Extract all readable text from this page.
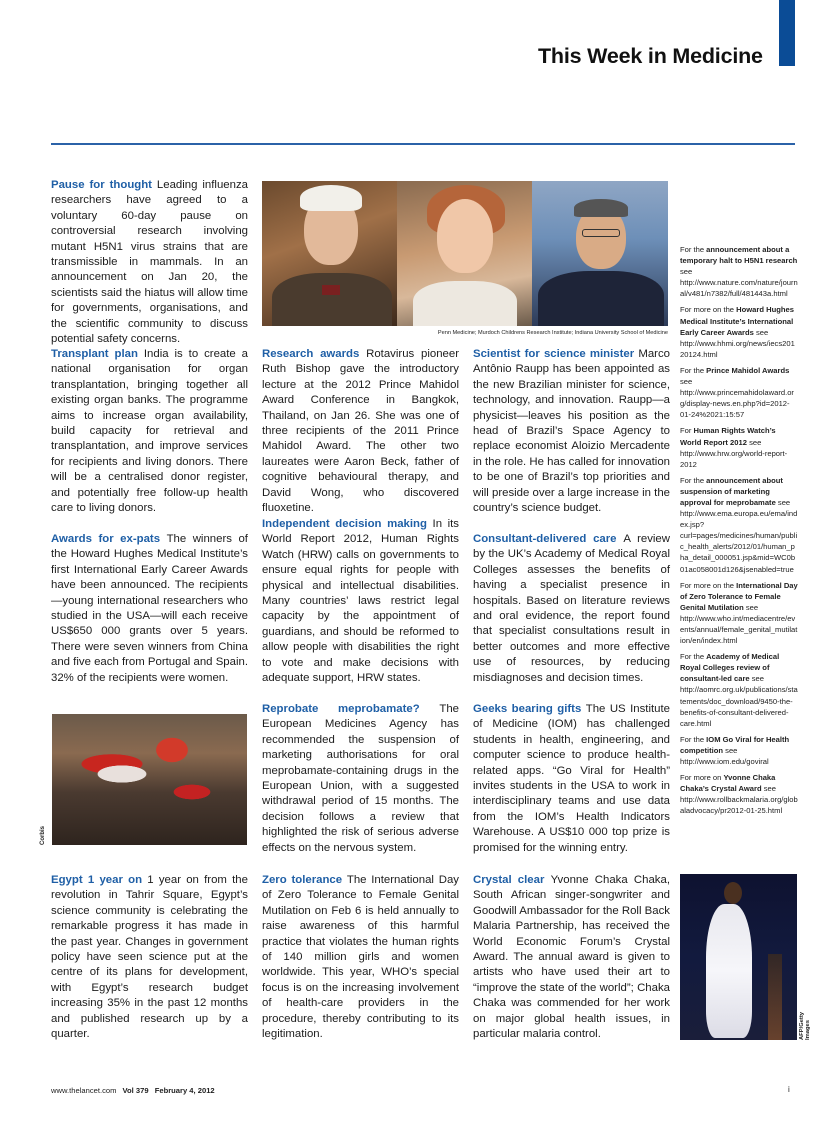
This Week in Medicine
Pause for thought Leading influenza researchers have agreed to a voluntary 60-day pause on controversial research involving mutant H5N1 virus strains that are transmissible in mammals. In an announcement on Jan 20, the scientists said the hiatus will allow time for governments, organisations, and the scientific community to discuss potential safety concerns.
Transplant plan India is to create a national organisation for organ transplantation, bringing together all existing organ banks. The programme aims to increase organ availability, build capacity for retrieval and transplantation, and improve services for recipients and living donors. There will be a centralised donor register, and potentially free follow-up health care to living donors.
Awards for ex-pats The winners of the Howard Hughes Medical Institute’s first International Early Career Awards have been announced. The recipients—young international researchers who studied in the USA—will each receive US$650 000 grants over 5 years. There were seven winners from China and five each from Portugal and Spain. 32% of the recipients were women.
Corbis
Egypt 1 year on 1 year on from the revolution in Tahrir Square, Egypt’s science community is celebrating the remarkable progress it has made in the past year. Changes in government policy have seen science put at the centre of its plans for development, with Egypt’s research budget increasing 35% in the past 12 months and published research up by a quarter.
Penn Medicine; Murdoch Childrens Research Institute; Indiana University School of Medicine
Research awards Rotavirus pioneer Ruth Bishop gave the introductory lecture at the 2012 Prince Mahidol Award Conference in Bangkok, Thailand, on Jan 26. She was one of three recipients of the 2011 Prince Mahidol Award. The other two laureates were Aaron Beck, father of cognitive behavioural therapy, and David Wong, who discovered fluoxetine.
Independent decision making In its World Report 2012, Human Rights Watch (HRW) calls on governments to ensure equal rights for people with physical and intellectual disabilities. Many countries’ laws restrict legal capacity by the appointment of guardians, and should be reformed to allow people with disabilities the right to vote and make decisions with adequate support, HRW states.
Reprobate meprobamate? The European Medicines Agency has recommended the suspension of marketing authorisations for oral meprobamate-containing drugs in the European Union, with a suggested withdrawal period of 15 months. The decision follows a review that highlighted the risk of serious adverse effects on the nervous system.
Zero tolerance The International Day of Zero Tolerance to Female Genital Mutilation on Feb 6 is held annually to raise awareness of this harmful practice that violates the human rights of 140 million girls and women worldwide. This year, WHO’s special focus is on the increasing involvement of health-care providers in the procedure, thereby contributing to its legitimation.
Scientist for science minister Marco Antônio Raupp has been appointed as the new Brazilian minister for science, technology, and innovation. Raupp—a physicist—leaves his position as the head of Brazil’s Space Agency to replace economist Aloizio Mercadente in the role. He has called for innovation to be one of Brazil’s top priorities and will preside over a large increase in the country’s science budget.
Consultant-delivered care A review by the UK’s Academy of Medical Royal Colleges assesses the benefits of having a specialist presence in hospitals. Based on literature reviews and oral evidence, the report found that specialist consultations result in better outcomes and more effective use of resources, by reducing misdiagnoses and decision times.
Geeks bearing gifts The US Institute of Medicine (IOM) has challenged students in health, engineering, and computer science to produce health-related apps. “Go Viral for Health” invites students in the USA to work in interdisciplinary teams and use data from the IOM’s Health Indicators Warehouse. A US$10 000 top prize is promised for the winning entry.
Crystal clear Yvonne Chaka Chaka, South African singer-songwriter and Goodwill Ambassador for the Roll Back Malaria Partnership, has received the World Economic Forum’s Crystal Award. The annual award is given to artists who have used their art to “improve the state of the world”; Chaka Chaka was commended for her work on major global health issues, in particular malaria control.
For the announcement about a temporary halt to H5N1 research see http://www.nature.com/nature/journal/v481/n7382/full/481443a.html
For more on the Howard Hughes Medical Institute’s International Early Career Awards see http://www.hhmi.org/news/iecs20120124.html
For the Prince Mahidol Awards see http://www.princemahidolaward.org/display-news.en.php?id=2012-01-24%2021:15:57
For Human Rights Watch’s World Report 2012 see http://www.hrw.org/world-report-2012
For the announcement about suspension of marketing approval for meprobamate see http://www.ema.europa.eu/ema/index.jsp?curl=pages/medicines/human/public_health_alerts/2012/01/human_pha_detail_000051.jsp&mid=WC0b01ac058001d126&jsenabled=true
For more on the International Day of Zero Tolerance to Female Genital Mutilation see http://www.who.int/mediacentre/events/annual/female_genital_mutilation/en/index.html
For the Academy of Medical Royal Colleges review of consultant-led care see http://aomrc.org.uk/publications/statements/doc_download/9450-the-benefits-of-consultant-delivered-care.html
For the IOM Go Viral for Health competition see http://www.iom.edu/goviral
For more on Yvonne Chaka Chaka’s Crystal Award see http://www.rollbackmalaria.org/globaladvocacy/pr2012-01-25.html
AFP/Getty Images
www.thelancet.com Vol 379 February 4, 2012	i
